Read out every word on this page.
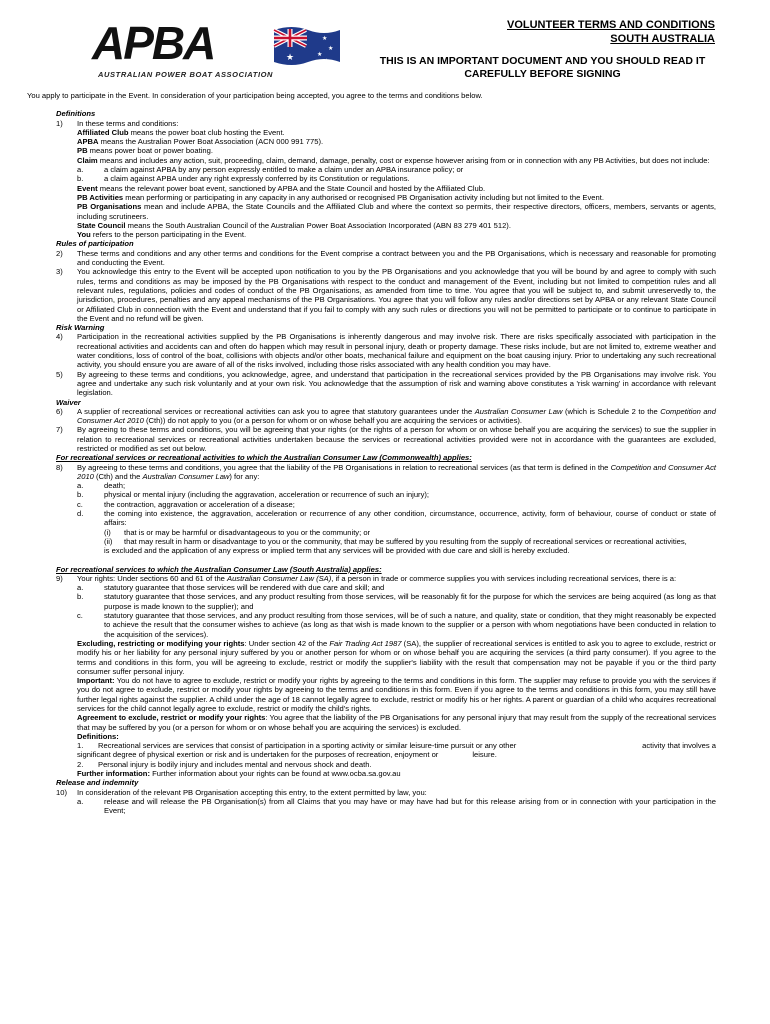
APBA	★
★
★
★
★
AUSTRALIAN POWER BOAT ASSOCIATION
VOLUNTEER TERMS AND CONDITIONS
SOUTH AUSTRALIA
THIS IS AN IMPORTANT DOCUMENT AND YOU SHOULD READ IT
CAREFULLY BEFORE SIGNING

You apply to participate in the Event. In consideration of your participation being accepted, you agree to the terms and conditions below.

Definitions

1)	In these terms and conditions:

Affiliated Club means the power boat club hosting the Event.

APBA means the Australian Power Boat Association (ACN 000 991 775).

PB means power boat or power boating.

Claim means and includes any action, suit, proceeding, claim, demand, damage, penalty, cost or expense however arising from or in connection with any PB Activities, but does not include:

a.	a claim against APBA by any person expressly entitled to make a claim under an APBA insurance policy; or
b.	a claim against APBA under any right expressly conferred by its Constitution or regulations.

Event means the relevant power boat event, sanctioned by APBA and the State Council and hosted by the Affiliated Club.

PB Activities mean performing or participating in any capacity in any authorised or recognised PB Organisation activity including but not limited to the Event.

PB Organisations mean and include APBA, the State Councils and the Affiliated Club and where the context so permits, their respective directors, officers, members, servants or agents, including scrutineers.

State Council means the South Australian Council of the Australian Power Boat Association Incorporated (ABN 83 279 401 512).

You refers to the person participating in the Event.

Rules of participation

2)	These terms and conditions and any other terms and conditions for the Event comprise a contract between you and the PB Organisations, which is necessary and reasonable for promoting and conducting the Event.
3)	You acknowledge this entry to the Event will be accepted upon notification to you by the PB Organisations and you acknowledge that you will be bound by and agree to comply with such rules, terms and conditions as may be imposed by the PB Organisations with respect to the conduct and management of the Event, including but not limited to competition rules and all relevant rules, regulations, policies and codes of conduct of the PB Organisations, as amended from time to time. You agree that you will be subject to, and submit unreservedly to, the jurisdiction, procedures, penalties and any appeal mechanisms of the PB Organisations. You agree that you will follow any rules and/or directions set by APBA or any relevant State Council or Affiliated Club in connection with the Event and understand that if you fail to comply with any such rules or directions you will not be permitted to participate or to continue to participate in the Event and no refund will be given.

Risk Warning

4)	Participation in the recreational activities supplied by the PB Organisations is inherently dangerous and may involve risk. There are risks specifically associated with participation in the recreational activities and accidents can and often do happen which may result in personal injury, death or property damage. These risks include, but are not limited to, extreme weather and water conditions, loss of control of the boat, collisions with objects and/or other boats, mechanical failure and equipment on the boat causing injury. Prior to undertaking any such recreational activity, you should ensure you are aware of all of the risks involved, including those risks associated with any health condition you may have.
5)	By agreeing to these terms and conditions, you acknowledge, agree, and understand that participation in the recreational services provided by the PB Organisations may involve risk. You agree and undertake any such risk voluntarily and at your own risk. You acknowledge that the assumption of risk and warning above constitutes a 'risk warning' in accordance with relevant legislation.

Waiver

6)	A supplier of recreational services or recreational activities can ask you to agree that statutory guarantees under the Australian Consumer Law (which is Schedule 2 to the Competition and Consumer Act 2010 (Cth)) do not apply to you (or a person for whom or on whose behalf you are acquiring the services or activities).
7)	By agreeing to these terms and conditions, you will be agreeing that your rights (or the rights of a person for whom or on whose behalf you are acquiring the services) to sue the supplier in relation to recreational services or recreational activities undertaken because the services or recreational activities provided were not in accordance with the guarantees are excluded, restricted or modified as set out below.

For recreational services or recreational activities to which the Australian Consumer Law (Commonwealth) applies:

8)	By agreeing to these terms and conditions, you agree that the liability of the PB Organisations in relation to recreational services (as that term is defined in the Competition and Consumer Act 2010 (Cth) and the Australian Consumer Law) for any:
a.	death;
b.	physical or mental injury (including the aggravation, acceleration or recurrence of such an injury);
c.	the contraction, aggravation or acceleration of a disease;
d.	the coming into existence, the aggravation, acceleration or recurrence of any other condition, circumstance, occurrence, activity, form of behaviour, course of conduct or state of affairs:
(i)	that is or may be harmful or disadvantageous to you or the community; or
(ii)	that may result in harm or disadvantage to you or the community, that may be suffered by you resulting from the supply of recreational services or recreational activities,

is excluded and the application of any express or implied term that any services will be provided with due care and skill is hereby excluded.

For recreational services to which the Australian Consumer Law (South Australia) applies:

9)	Your rights: Under sections 60 and 61 of the Australian Consumer Law (SA), if a person in trade or commerce supplies you with services including recreational services, there is a:
a.	statutory guarantee that those services will be rendered with due care and skill; and
b.	statutory guarantee that those services, and any product resulting from those services, will be reasonably fit for the purpose for which the services are being acquired (as long as that purpose is made known to the supplier); and
c.	statutory guarantee that those services, and any product resulting from those services, will be of such a nature, and quality, state or condition, that they might reasonably be expected to achieve the result that the consumer wishes to achieve (as long as that wish is made known to the supplier or a person with whom negotiations have been conducted in relation to the acquisition of the services).

Excluding, restricting or modifying your rights: Under section 42 of the Fair Trading Act 1987 (SA), the supplier of recreational services is entitled to ask you to agree to exclude, restrict or modify his or her liability for any personal injury suffered by you or another person for whom or on whose behalf you are acquiring the services (a third party consumer). If you agree to the terms and conditions in this form, you will be agreeing to exclude, restrict or modify the supplier's liability with the result that compensation may not be payable if you or the third party consumer suffer personal injury.

Important: You do not have to agree to exclude, restrict or modify your rights by agreeing to the terms and conditions in this form. The supplier may refuse to provide you with the services if you do not agree to exclude, restrict or modify your rights by agreeing to the terms and conditions in this form. Even if you agree to the terms and conditions in this form, you may still have further legal rights against the supplier. A child under the age of 18 cannot legally agree to exclude, restrict or modify his or her rights. A parent or guardian of a child who acquires recreational services for the child cannot legally agree to exclude, restrict or modify the child's rights.

Agreement to exclude, restrict or modify your rights: You agree that the liability of the PB Organisations for any personal injury that may result from the supply of the recreational services that may be suffered by you (or a person for whom or on whose behalf you are acquiring the services) is excluded.

Definitions:

1. Recreational services are services that consist of participation in a sporting activity or similar leisure-time pursuit or any other	activity that involves a
significant degree of physical exertion or risk and is undertaken for the purposes of recreation, enjoyment or	leisure.
2. Personal injury is bodily injury and includes mental and nervous shock and death.

Further information: Further information about your rights can be found at www.ocba.sa.gov.au

Release and indemnity

10)	In consideration of the relevant PB Organisation accepting this entry, to the extent permitted by law, you:
a.	release and will release the PB Organisation(s) from all Claims that you may have or may have had but for this release arising from or in connection with your participation in the Event;
